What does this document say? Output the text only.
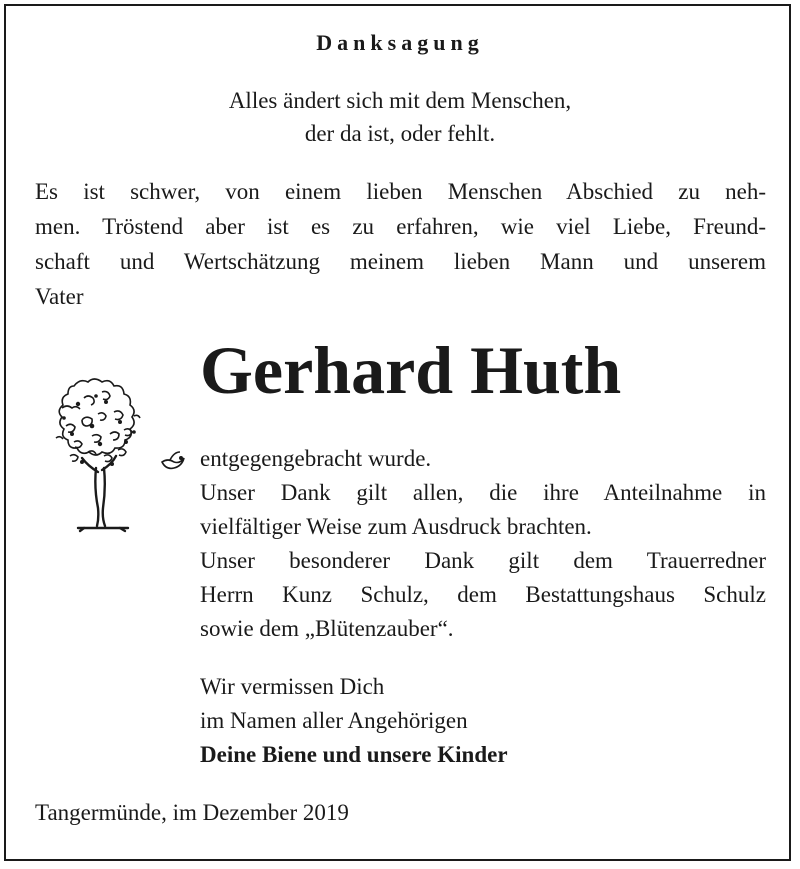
Danksagung
Alles ändert sich mit dem Menschen,
der da ist, oder fehlt.
Es ist schwer, von einem lieben Menschen Abschied zu neh-
men. Tröstend aber ist es zu erfahren, wie viel Liebe, Freund-
schaft und Wertschätzung meinem lieben Mann und unserem
Vater
Gerhard Huth
entgegengebracht wurde.
Unser Dank gilt allen, die ihre Anteilnahme in
vielfältiger Weise zum Ausdruck brachten.
Unser besonderer Dank gilt dem Trauerredner
Herrn Kunz Schulz, dem Bestattungshaus Schulz
sowie dem „Blütenzauber“.
Wir vermissen Dich
im Namen aller Angehörigen
Deine Biene und unsere Kinder
Tangermünde, im Dezember 2019
